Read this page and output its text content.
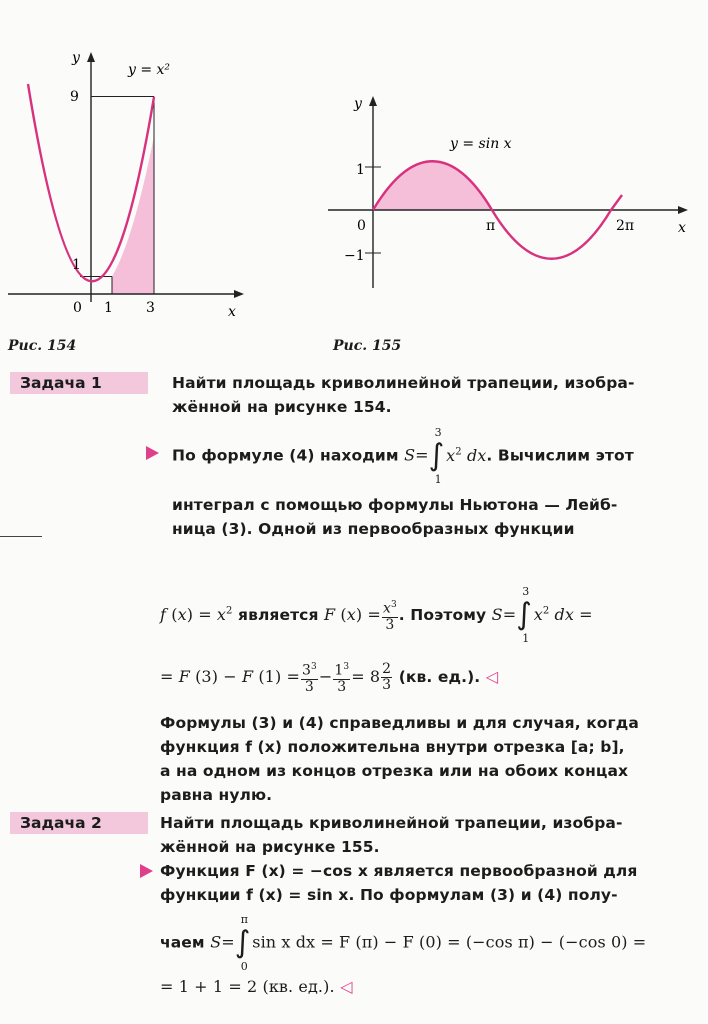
y
x
y = x²
9
1
0 1 3
Рис. 154
y
x
y = sin x
1
−1
0	π	2π
Рис. 155
Задача 1	Найти площадь криволинейной трапеции, изобра-
жённой на рисунке 154.
По формуле (4) находим S=∫
3
1
$x^2$ dx. Вычислим этот
интеграл с помощью формулы Ньютона — Лейб-
ница (3). Одной из первообразных функции
f $(x) = x^2$ является F $(x) = \frac{x^3}{3}$ . Поэтому S=∫
3
1
$x^2$ dx =
= F (3) − F $(1) = \frac{3^3}{3} - \frac{1^3}{3} = 8 \frac{2}{3} (кв$. ед.). ◁
Формулы (3) и (4) справедливы и для случая, когда
функция f (x) положительна внутри отрезка [a; b],
а на одном из концов отрезка или на обоих концах
равна нулю.
Задача 2	Найти площадь криволинейной трапеции, изобра-
жённой на рисунке 155.
Функция F (x) = −cos x является первообразной для
функции f (x) = sin x. По формулам (3) и (4) полу-
чаем S=∫
π
0
sin x dx = F (π) − F (0) = (−cos π) − (−cos 0) =
= 1 + 1 = 2 (кв. ед.). ◁
